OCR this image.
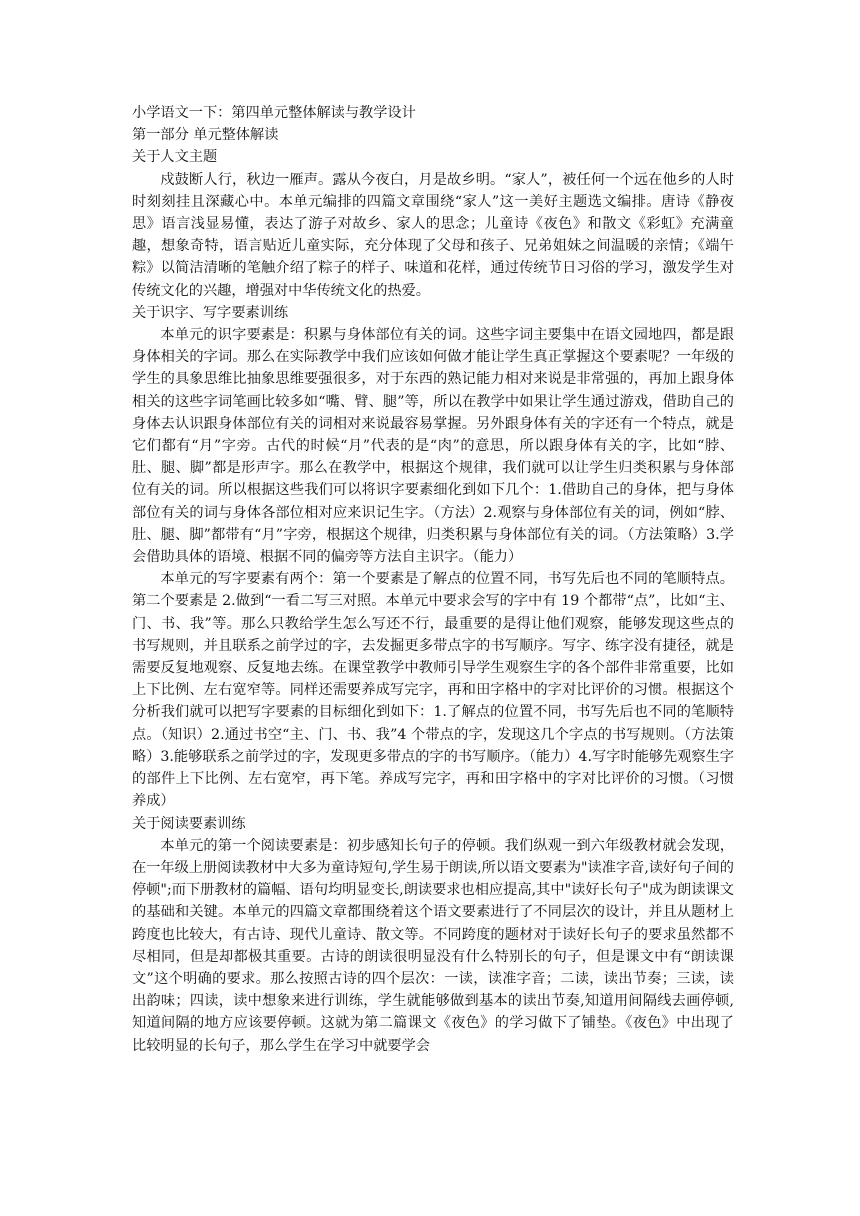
小学语文一下：第四单元整体解读与教学设计

第一部分 单元整体解读

关于人文主题

戍鼓断人行，秋边一雁声。露从今夜白，月是故乡明。“家人”，被任何一个远在他乡的人时时刻刻挂且深藏心中。本单元编排的四篇文章围绕“家人”这一美好主题选文编排。唐诗《静夜思》语言浅显易懂，表达了游子对故乡、家人的思念；儿童诗《夜色》和散文《彩虹》充满童趣，想象奇特，语言贴近儿童实际，充分体现了父母和孩子、兄弟姐妹之间温暖的亲情；《端午粽》以简洁清晰的笔触介绍了粽子的样子、味道和花样，通过传统节日习俗的学习，激发学生对传统文化的兴趣，增强对中华传统文化的热爱。

关于识字、写字要素训练

本单元的识字要素是：积累与身体部位有关的词。这些字词主要集中在语文园地四，都是跟身体相关的字词。那么在实际教学中我们应该如何做才能让学生真正掌握这个要素呢？一年级的学生的具象思维比抽象思维要强很多，对于东西的熟记能力相对来说是非常强的，再加上跟身体相关的这些字词笔画比较多如“嘴、臂、腿”等，所以在教学中如果让学生通过游戏，借助自己的身体去认识跟身体部位有关的词相对来说最容易掌握。另外跟身体有关的字还有一个特点，就是它们都有“月”字旁。古代的时候“月”代表的是“肉”的意思，所以跟身体有关的字，比如“脖、肚、腿、脚”都是形声字。那么在教学中，根据这个规律，我们就可以让学生归类积累与身体部位有关的词。所以根据这些我们可以将识字要素细化到如下几个：1.借助自己的身体，把与身体部位有关的词与身体各部位相对应来识记生字。（方法）2.观察与身体部位有关的词，例如“脖、肚、腿、脚”都带有“月”字旁，根据这个规律，归类积累与身体部位有关的词。（方法策略）3.学会借助具体的语境、根据不同的偏旁等方法自主识字。（能力）

本单元的写字要素有两个：第一个要素是了解点的位置不同，书写先后也不同的笔顺特点。第二个要素是 2.做到“一看二写三对照。本单元中要求会写的字中有 19 个都带“点”，比如“主、门、书、我”等。那么只教给学生怎么写还不行，最重要的是得让他们观察，能够发现这些点的书写规则，并且联系之前学过的字，去发掘更多带点字的书写顺序。写字、练字没有捷径，就是需要反复地观察、反复地去练。在课堂教学中教师引导学生观察生字的各个部件非常重要，比如上下比例、左右宽窄等。同样还需要养成写完字，再和田字格中的字对比评价的习惯。根据这个分析我们就可以把写字要素的目标细化到如下：1.了解点的位置不同，书写先后也不同的笔顺特点。（知识）2.通过书空“主、门、书、我”4 个带点的字，发现这几个字点的书写规则。（方法策略）3.能够联系之前学过的字，发现更多带点的字的书写顺序。（能力）4.写字时能够先观察生字的部件上下比例、左右宽窄，再下笔。养成写完字，再和田字格中的字对比评价的习惯。（习惯养成）

关于阅读要素训练

本单元的第一个阅读要素是：初步感知长句子的停顿。我们纵观一到六年级教材就会发现，在一年级上册阅读教材中大多为童诗短句,学生易于朗读,所以语文要素为"读准字音,读好句子间的停顿";而下册教材的篇幅、语句均明显变长,朗读要求也相应提高,其中"读好长句子"成为朗读课文的基础和关键。本单元的四篇文章都围绕着这个语文要素进行了不同层次的设计，并且从题材上跨度也比较大，有古诗、现代儿童诗、散文等。不同跨度的题材对于读好长句子的要求虽然都不尽相同，但是却都极其重要。古诗的朗读很明显没有什么特别长的句子，但是课文中有“朗读课文”这个明确的要求。那么按照古诗的四个层次：一读，读准字音；二读，读出节奏；三读，读出韵味；四读，读中想象来进行训练，学生就能够做到基本的读出节奏,知道用间隔线去画停顿,知道间隔的地方应该要停顿。这就为第二篇课文《夜色》的学习做下了铺垫。《夜色》中出现了比较明显的长句子，那么学生在学习中就要学会
